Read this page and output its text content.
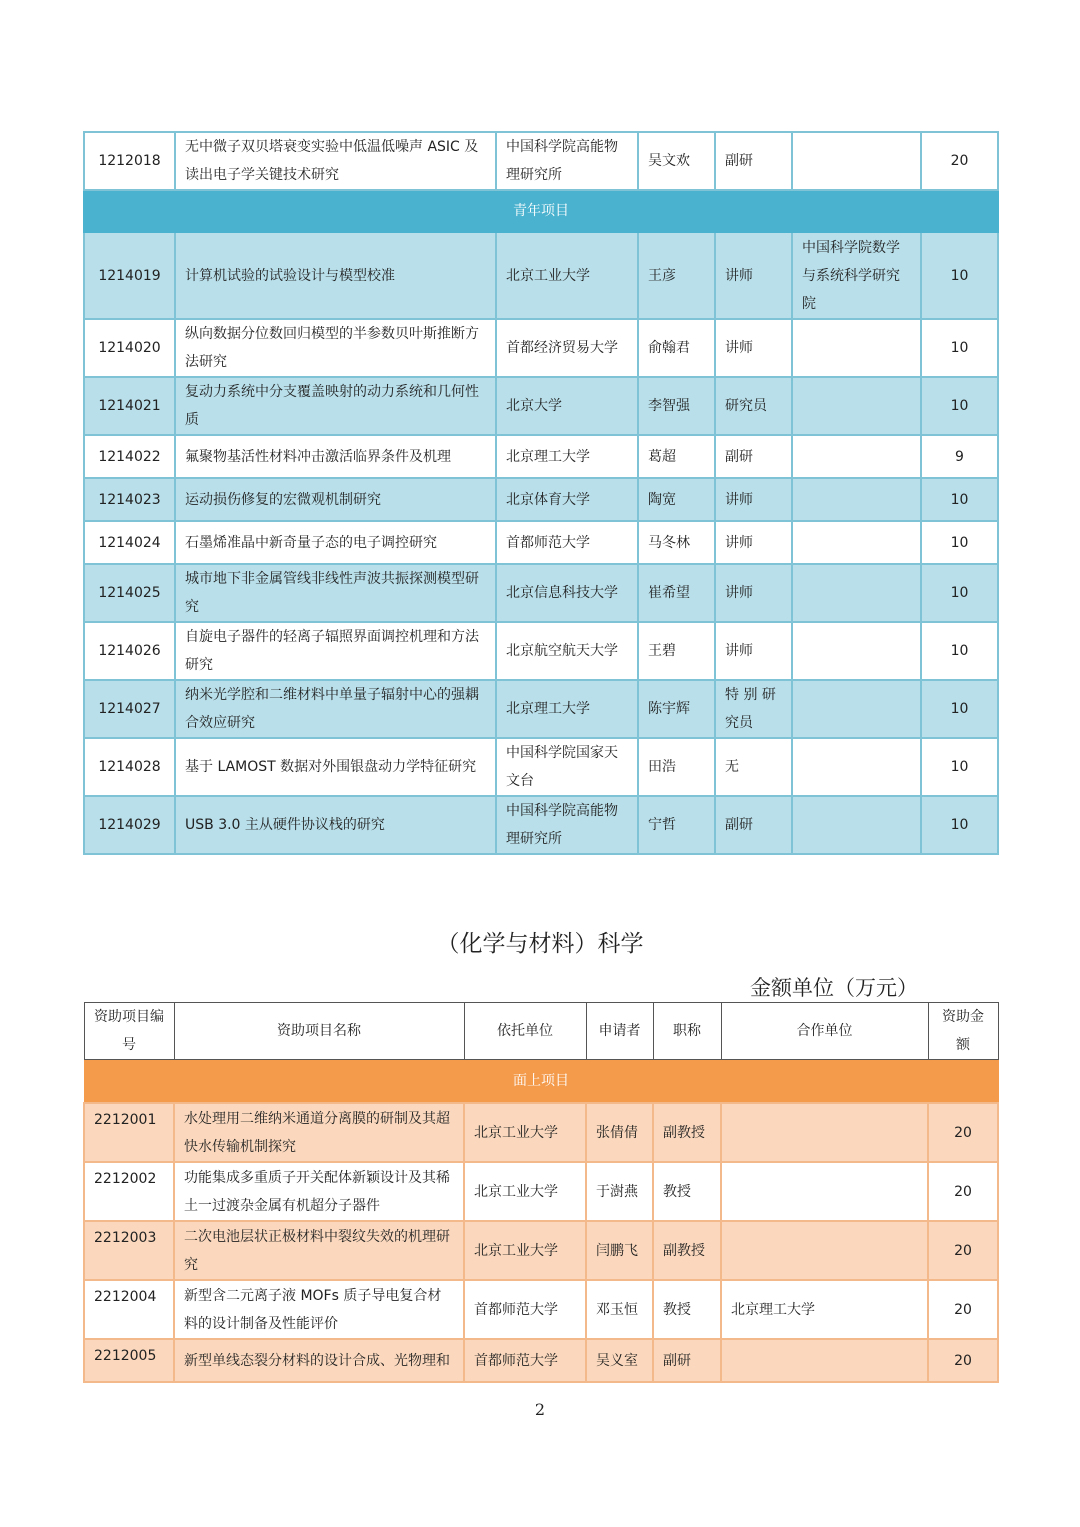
1212018	无中微子双贝塔衰变实验中低温低噪声 ASIC 及读出电子学关键技术研究	中国科学院高能物理研究所	吴文欢	副研		20
青年项目						
1214019	计算机试验的试验设计与模型校准	北京工业大学	王彦	讲师	中国科学院数学与系统科学研究院	10
1214020	纵向数据分位数回归模型的半参数贝叶斯推断方法研究	首都经济贸易大学	俞翰君	讲师		10
1214021	复动力系统中分支覆盖映射的动力系统和几何性质	北京大学	李智强	研究员		10
1214022	氟聚物基活性材料冲击激活临界条件及机理	北京理工大学	葛超	副研		9
1214023	运动损伤修复的宏微观机制研究	北京体育大学	陶宽	讲师		10
1214024	石墨烯准晶中新奇量子态的电子调控研究	首都师范大学	马冬林	讲师		10
1214025	城市地下非金属管线非线性声波共振探测模型研究	北京信息科技大学	崔希望	讲师		10
1214026	自旋电子器件的轻离子辐照界面调控机理和方法研究	北京航空航天大学	王碧	讲师		10
1214027	纳米光学腔和二维材料中单量子辐射中心的强耦合效应研究	北京理工大学	陈宇辉	特 别 研究员		10
1214028	基于 LAMOST 数据对外围银盘动力学特征研究	中国科学院国家天文台	田浩	无		10
1214029	USB 3.0 主从硬件协议栈的研究	中国科学院高能物理研究所	宁哲	副研		10
（化学与材料）科学
金额单位（万元）
资助项目编号	资助项目名称	依托单位	申请者	职称	合作单位	资助金额
面上项目						
2212001	水处理用二维纳米通道分离膜的研制及其超快水传输机制探究	北京工业大学	张倩倩	副教授		20
2212002	功能集成多重质子开关配体新颖设计及其稀土一过渡杂金属有机超分子器件	北京工业大学	于澍燕	教授		20
2212003	二次电池层状正极材料中裂纹失效的机理研究	北京工业大学	闫鹏飞	副教授		20
2212004	新型含二元离子液 MOFs 质子导电复合材料的设计制备及性能评价	首都师范大学	邓玉恒	教授	北京理工大学	20
2212005	新型单线态裂分材料的设计合成、光物理和	首都师范大学	吴义室	副研		20
2
